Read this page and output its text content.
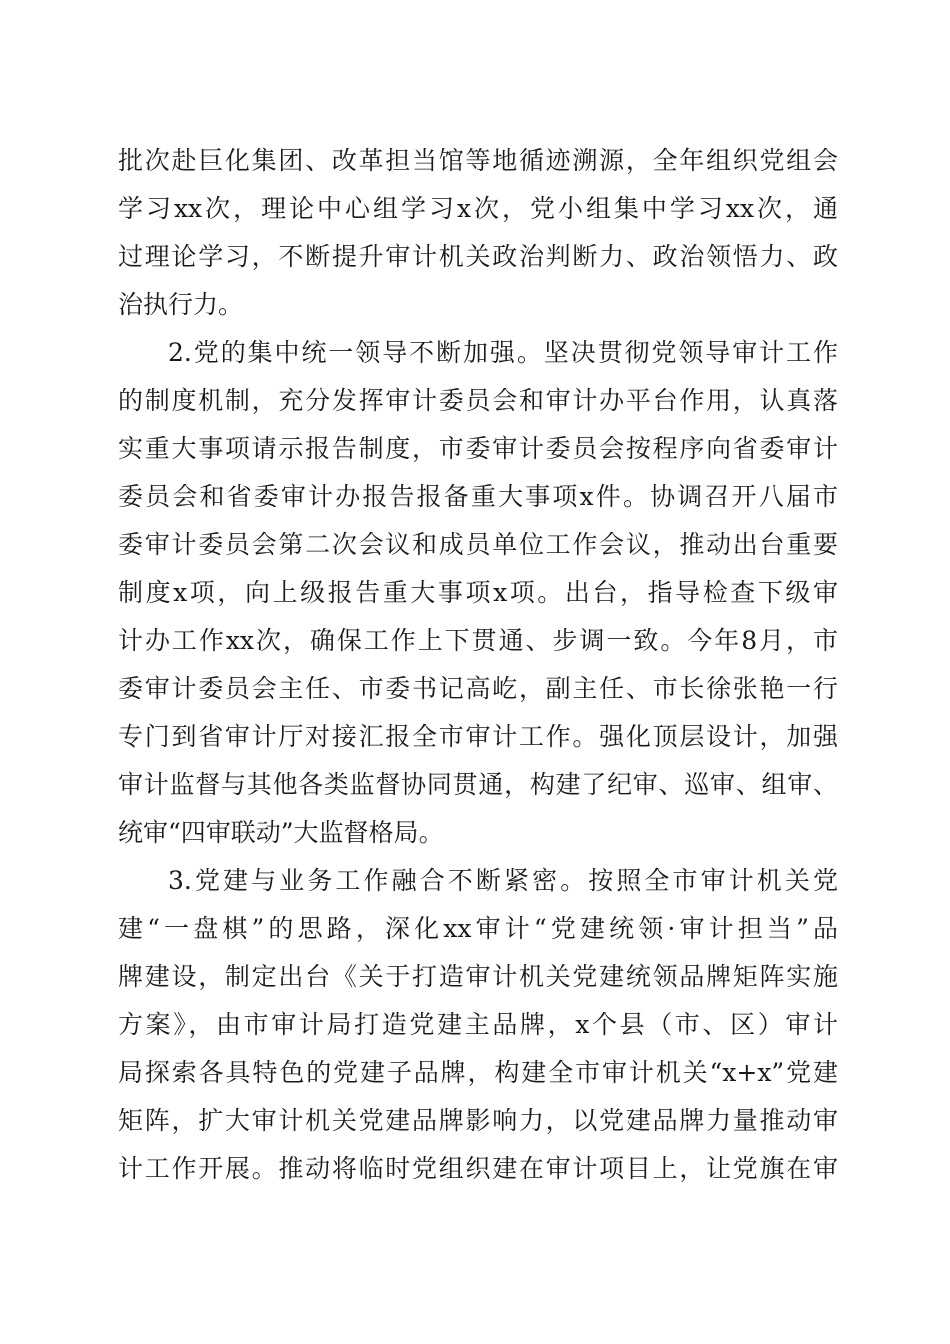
批次赴巨化集团、改革担当馆等地循迹溯源，全年组织党组会
学习xx次，理论中心组学习x次，党小组集中学习xx次，通
过理论学习，不断提升审计机关政治判断力、政治领悟力、政
治执行力。
2.党的集中统一领导不断加强。坚决贯彻党领导审计工作
的制度机制，充分发挥审计委员会和审计办平台作用，认真落
实重大事项请示报告制度，市委审计委员会按程序向省委审计
委员会和省委审计办报告报备重大事项x件。协调召开八届市
委审计委员会第二次会议和成员单位工作会议，推动出台重要
制度x项，向上级报告重大事项x项。出台，指导检查下级审
计办工作xx次，确保工作上下贯通、步调一致。今年8月，市
委审计委员会主任、市委书记高屹，副主任、市长徐张艳一行
专门到省审计厅对接汇报全市审计工作。强化顶层设计，加强
审计监督与其他各类监督协同贯通，构建了纪审、巡审、组审、
统审“四审联动”大监督格局。
3.党建与业务工作融合不断紧密。按照全市审计机关党
建“一盘棋”的思路，深化xx审计“党建统领·审计担当”品
牌建设，制定出台《关于打造审计机关党建统领品牌矩阵实施
方案》，由市审计局打造党建主品牌，x个县（市、区）审计
局探索各具特色的党建子品牌，构建全市审计机关“x+x”党建
矩阵，扩大审计机关党建品牌影响力，以党建品牌力量推动审
计工作开展。推动将临时党组织建在审计项目上，让党旗在审
